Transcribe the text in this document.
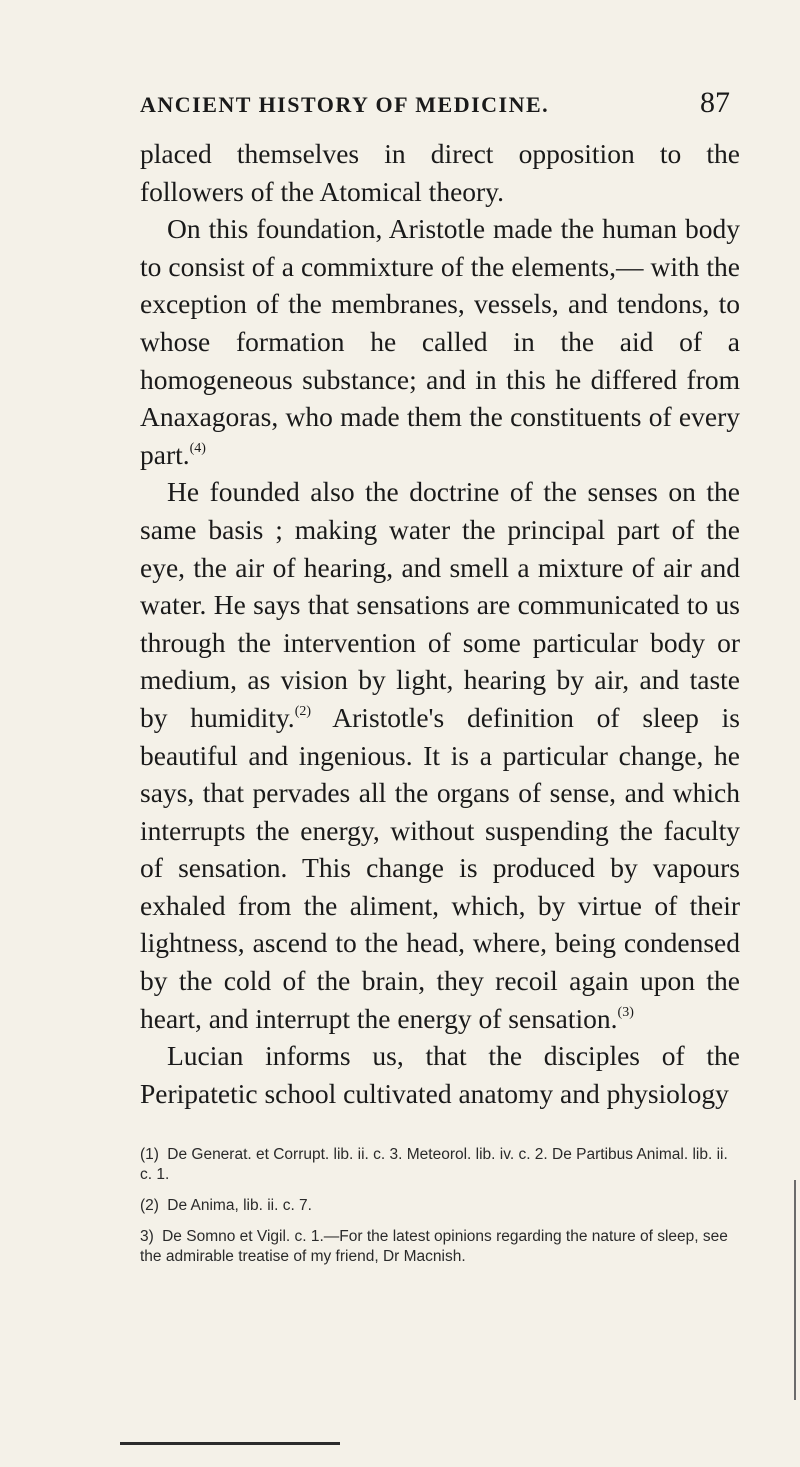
ANCIENT HISTORY OF MEDICINE.	87

placed themselves in direct opposition to the followers of the Atomical theory.

On this foundation, Aristotle made the human body to consist of a commixture of the elements,— with the exception of the membranes, vessels, and tendons, to whose formation he called in the aid of a homogeneous substance; and in this he differed from Anaxagoras, who made them the constituents of every part.$^{(4)}$

He founded also the doctrine of the senses on the same basis ; making water the principal part of the eye, the air of hearing, and smell a mixture of air and water. He says that sensations are communicated to us through the intervention of some particular body or medium, as vision by light, hearing by air, and taste by humidity.$^{(2)}$ Aristotle's definition of sleep is beautiful and ingenious. It is a particular change, he says, that pervades all the organs of sense, and which interrupts the energy, without suspending the faculty of sensation. This change is produced by vapours exhaled from the aliment, which, by virtue of their lightness, ascend to the head, where, being condensed by the cold of the brain, they recoil again upon the heart, and interrupt the energy of sensation.$^{(3)}$

Lucian informs us, that the disciples of the Peripatetic school cultivated anatomy and physiology

(1) De Generat. et Corrupt. lib. ii. c. 3. Meteorol. lib. iv. c. 2. De Partibus Animal. lib. ii. c. 1.

(2) De Anima, lib. ii. c. 7.

3) De Somno et Vigil. c. 1.—For the latest opinions regarding the nature of sleep, see the admirable treatise of my friend, Dr Macnish.
